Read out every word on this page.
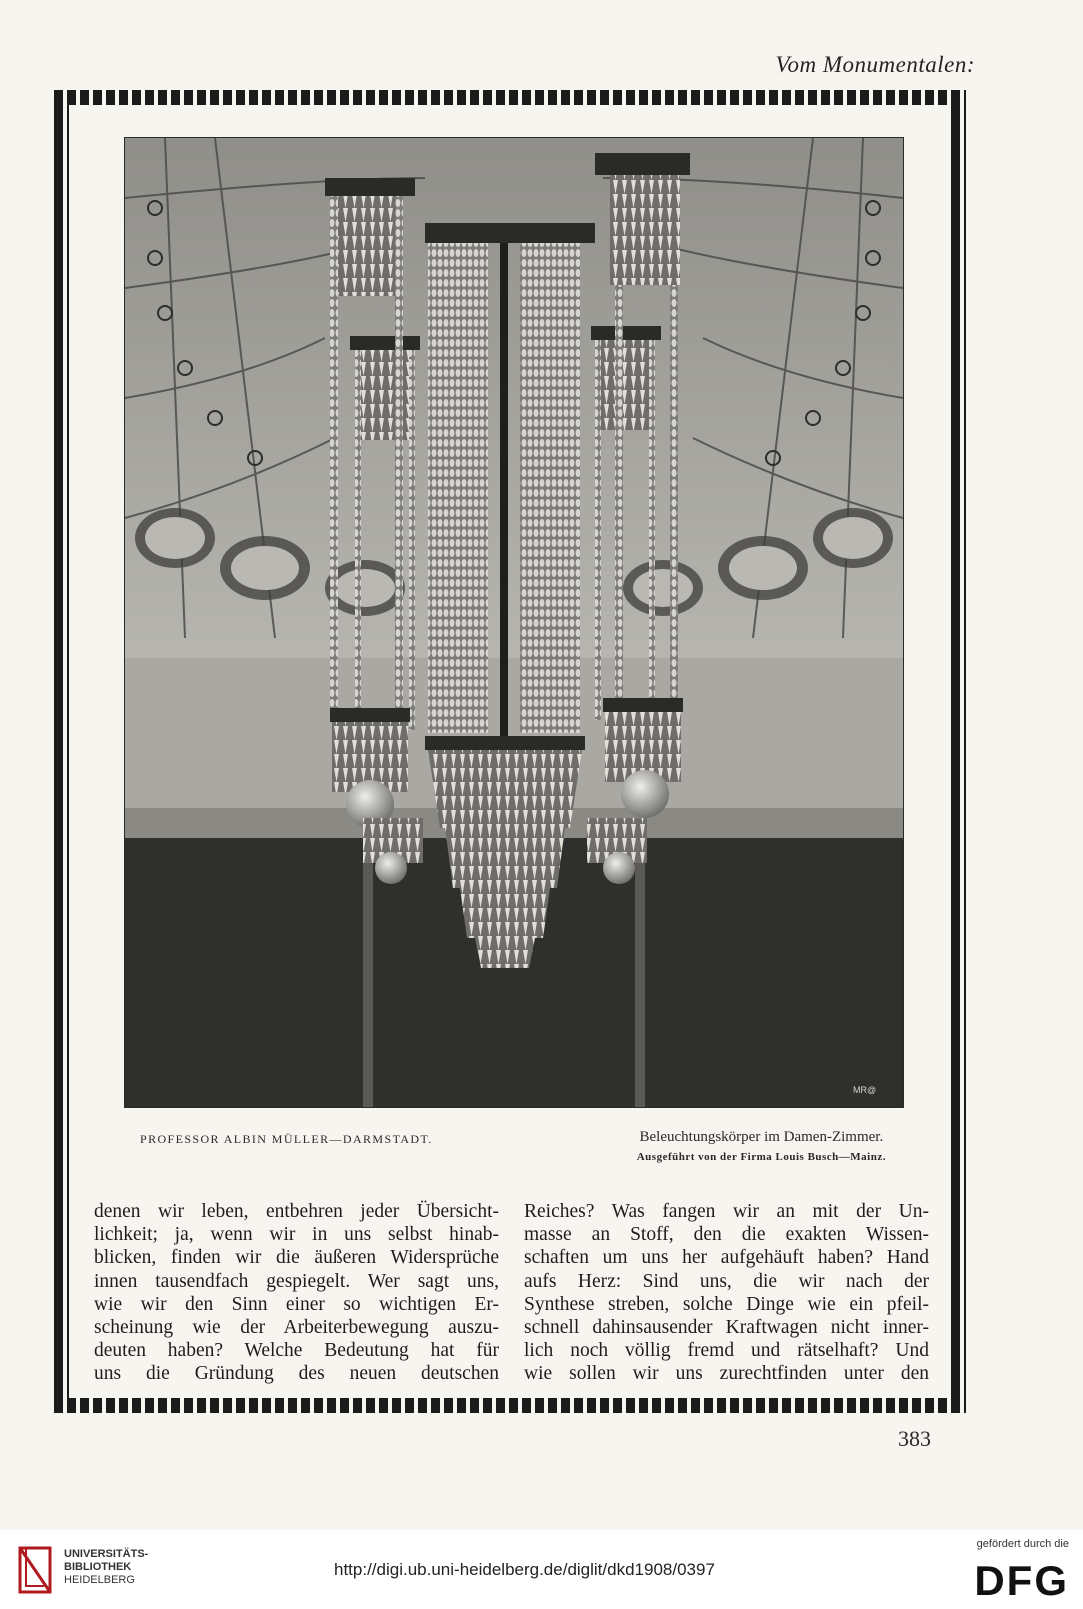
Vom Monumentalen:
MR@
PROFESSOR ALBIN MÜLLER—DARMSTADT.	Beleuchtungskörper im Damen-Zimmer.
Ausgeführt von der Firma Louis Busch—Mainz.
denen wir leben, entbehren jeder Übersicht-
lichkeit; ja, wenn wir in uns selbst hinab-
blicken, finden wir die äußeren Widersprüche
innen tausendfach gespiegelt. Wer sagt uns,
wie wir den Sinn einer so wichtigen Er-
scheinung wie der Arbeiterbewegung auszu-
deuten haben? Welche Bedeutung hat für
uns die Gründung des neuen deutschen
Reiches? Was fangen wir an mit der Un-
masse an Stoff, den die exakten Wissen-
schaften um uns her aufgehäuft haben? Hand
aufs Herz: Sind uns, die wir nach der
Synthese streben, solche Dinge wie ein pfeil-
schnell dahinsausender Kraftwagen nicht inner-
lich noch völlig fremd und rätselhaft? Und
wie sollen wir uns zurechtfinden unter den
383
UNIVERSITÄTS-
BIBLIOTHEK
HEIDELBERG
http://digi.ub.uni-heidelberg.de/diglit/dkd1908/0397
gefördert durch die
DFG
